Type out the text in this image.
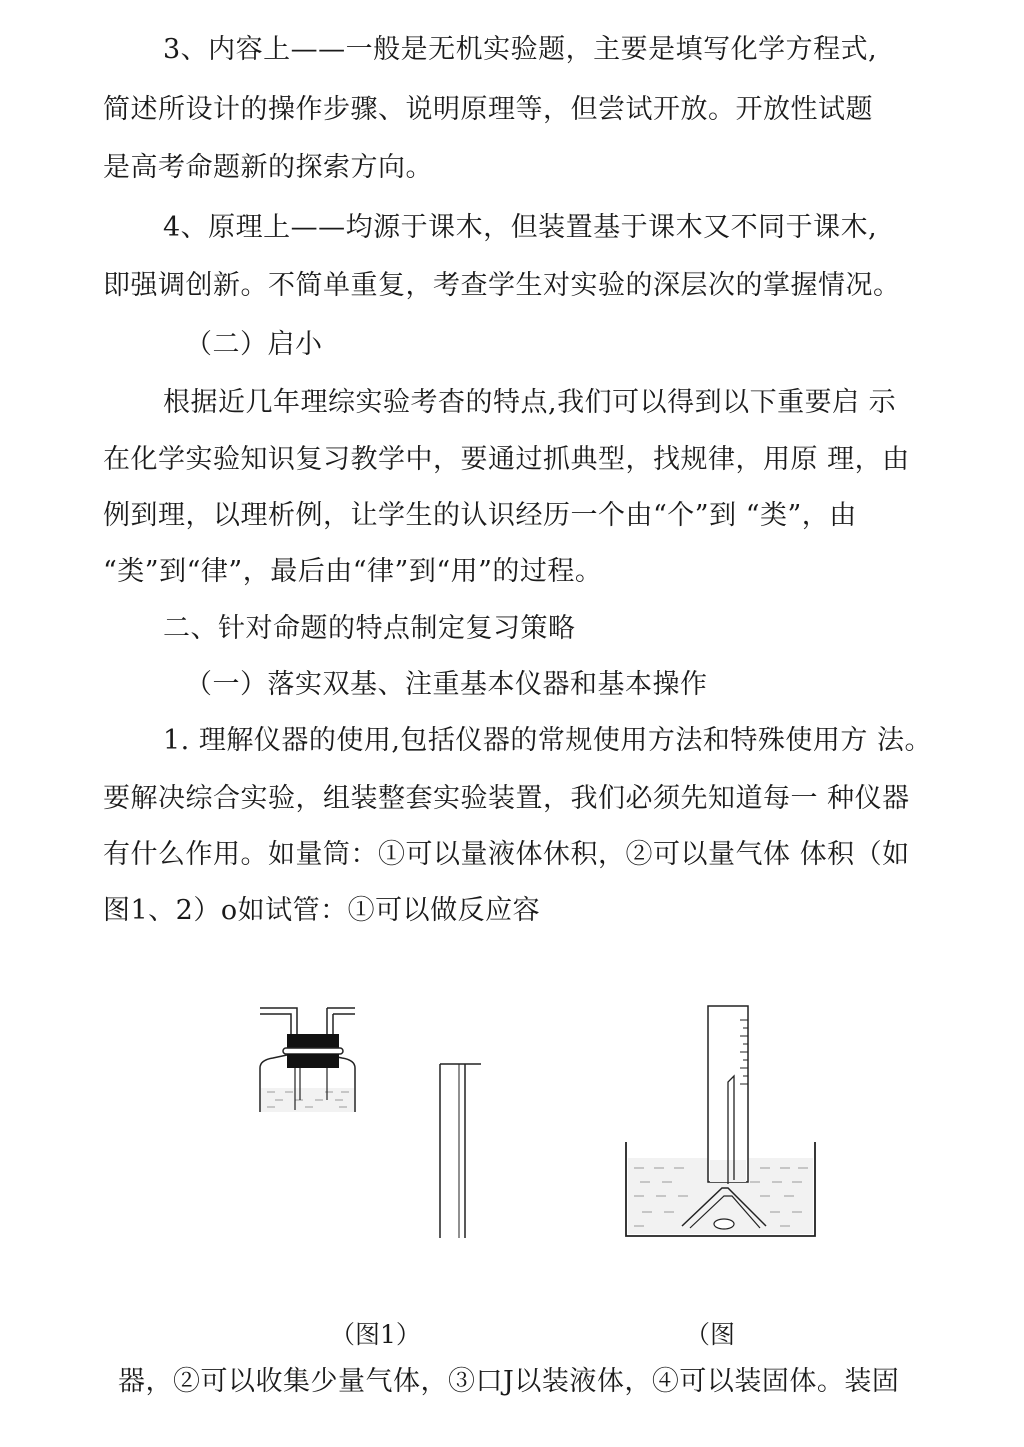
3、内容上——一般是无机实验题，主要是填写化学方程式,
简述所设计的操作步骤、说明原理等，但尝试开放。开放性试题
是高考命题新的探索方向。
4、原理上——均源于课木，但装置基于课木又不同于课木,
即强调创新。不简单重复，考查学生对实验的深层次的掌握情况。
（二）启小
根据近几年理综实验考杳的特点,我们可以得到以下重要启 示
在化学实验知识复习教学中，要通过抓典型，找规律，用原 理，由
例到理，以理析例，让学生的认识经历一个由“个”到 “类”，由
“类”到“律”，最后由“律”到“用”的过程。
二、针对命题的特点制定复习策略
（一）落实双基、注重基本仪器和基本操作
1. 理解仪器的使用,包括仪器的常规使用方法和特殊使用方 法。
要解决综合实验，组装整套实验装置，我们必须先知道每一 种仪器
有什么作用。如量筒：①可以量液体休积，②可以量气体 体积（如
图1、2）o如试管：①可以做反应容
（图1）	（图
器，②可以收集少量气体，③口J以装液体，④可以装固体。装固
